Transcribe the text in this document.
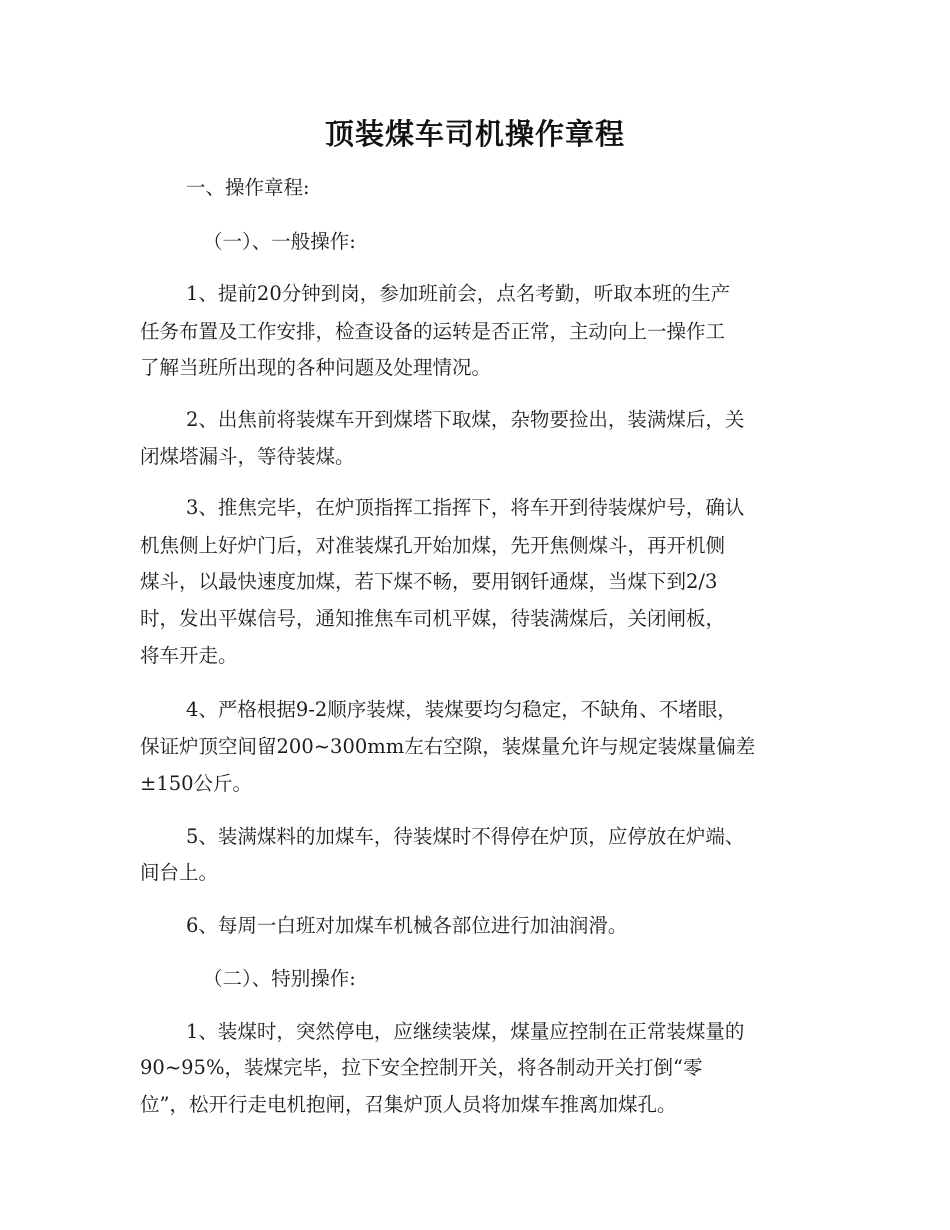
顶装煤车司机操作章程
一、操作章程:
（一）、一般操作:
1、提前20分钟到岗，参加班前会，点名考勤，听取本班的生产
任务布置及工作安排，检查设备的运转是否正常，主动向上一操作工
了解当班所出现的各种问题及处理情况。
2、出焦前将装煤车开到煤塔下取煤，杂物要捡出，装满煤后，关
闭煤塔漏斗，等待装煤。
3、推焦完毕，在炉顶指挥工指挥下，将车开到待装煤炉号，确认
机焦侧上好炉门后，对准装煤孔开始加煤，先开焦侧煤斗，再开机侧
煤斗，以最快速度加煤，若下煤不畅，要用钢钎通煤，当煤下到2/3
时，发出平媒信号，通知推焦车司机平媒，待装满煤后，关闭闸板，
将车开走。
4、严格根据9-2顺序装煤，装煤要均匀稳定，不缺角、不堵眼，
保证炉顶空间留200~300mm左右空隙，装煤量允许与规定装煤量偏差
±150公斤。
5、装满煤料的加煤车，待装煤时不得停在炉顶，应停放在炉端、
间台上。
6、每周一白班对加煤车机械各部位进行加油润滑。
（二）、特别操作:
1、装煤时，突然停电，应继续装煤，煤量应控制在正常装煤量的
90~95%，装煤完毕，拉下安全控制开关，将各制动开关打倒“零
位”，松开行走电机抱闸，召集炉顶人员将加煤车推离加煤孔。
